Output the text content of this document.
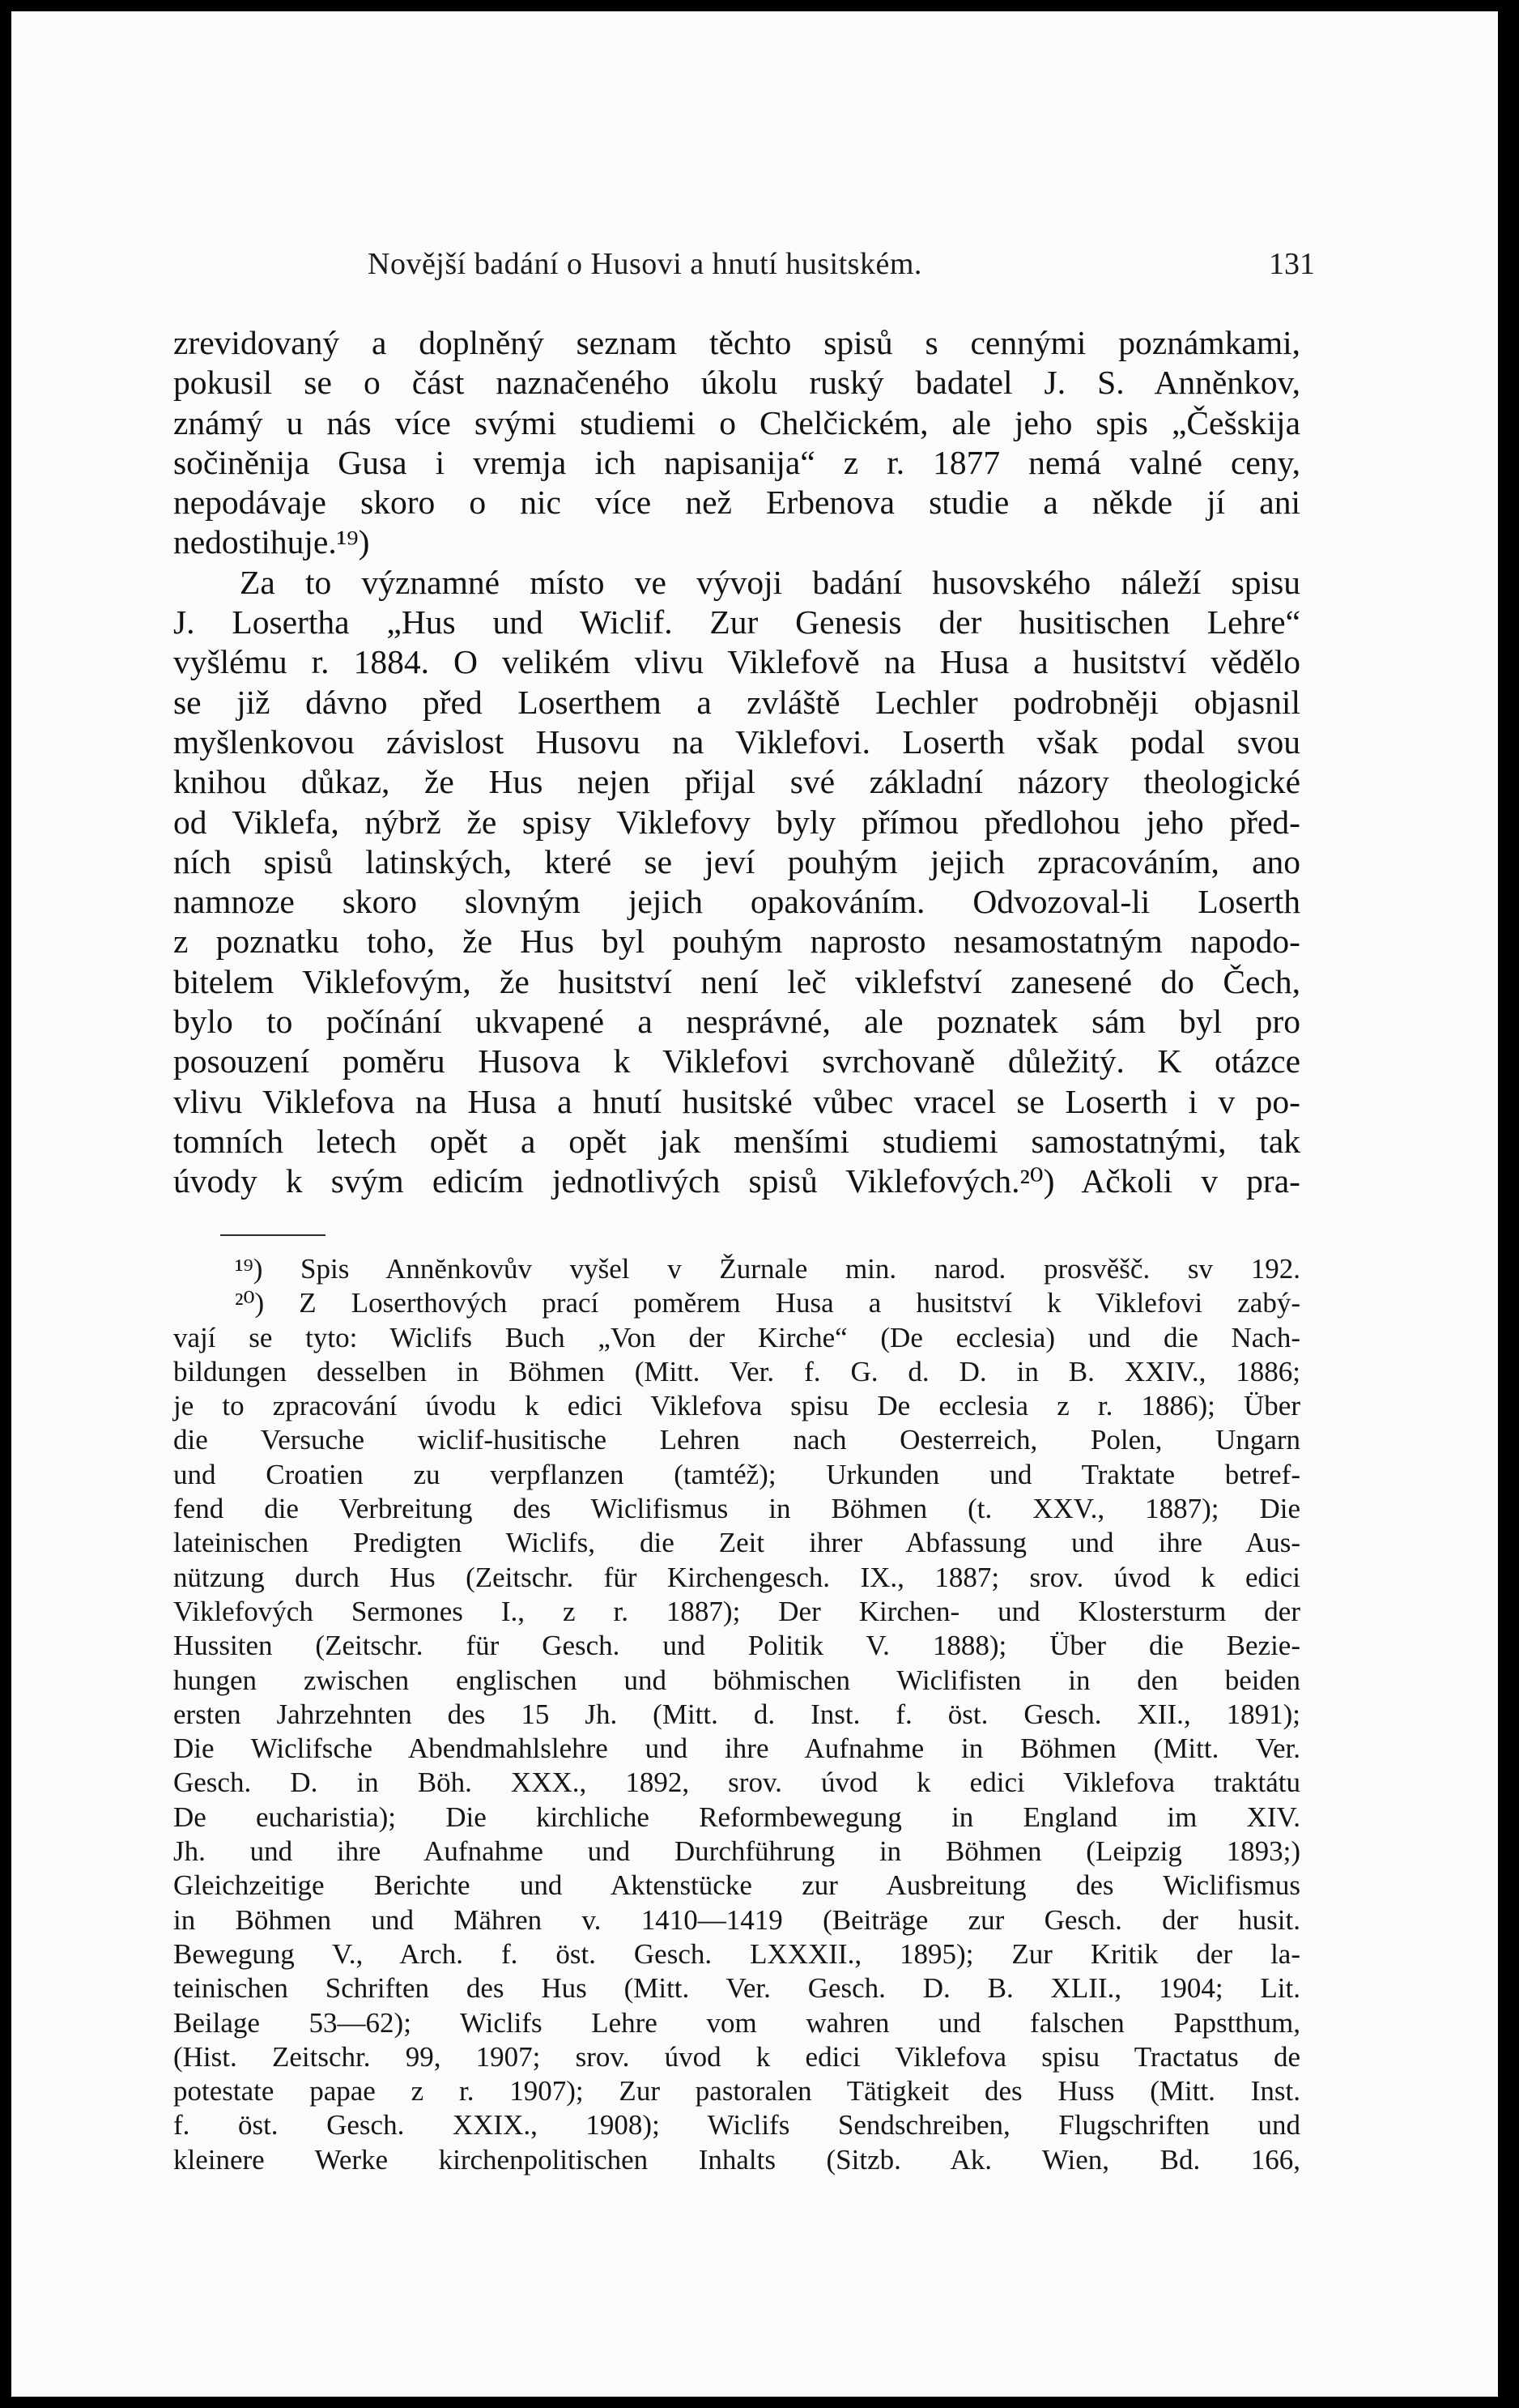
Novější badání o Husovi a hnutí husitském.	131
zrevidovaný a doplněný seznam těchto spisů s cennými poznámkami,
pokusil se o část naznačeného úkolu ruský badatel J. S. Anněnkov,
známý u nás více svými studiemi o Chelčickém, ale jeho spis „Češskija
sočiněnija Gusa i vremja ich napisanija“ z r. 1877 nemá valné ceny,
nepodávaje skoro o nic více než Erbenova studie a někde jí ani
nedostihuje.¹⁹)
Za to významné místo ve vývoji badání husovského náleží spisu
J. Losertha „Hus und Wiclif. Zur Genesis der husitischen Lehre“
vyšlému r. 1884. O velikém vlivu Viklefově na Husa a husitství vědělo
se již dávno před Loserthem a zvláště Lechler podrobněji objasnil
myšlenkovou závislost Husovu na Viklefovi. Loserth však podal svou
knihou důkaz, že Hus nejen přijal své základní názory theologické
od Viklefa, nýbrž že spisy Viklefovy byly přímou předlohou jeho před-
ních spisů latinských, které se jeví pouhým jejich zpracováním, ano
namnoze skoro slovným jejich opakováním. Odvozoval-li Loserth
z poznatku toho, že Hus byl pouhým naprosto nesamostatným napodo-
bitelem Viklefovým, že husitství není leč viklefství zanesené do Čech,
bylo to počínání ukvapené a nesprávné, ale poznatek sám byl pro
posouzení poměru Husova k Viklefovi svrchovaně důležitý. K otázce
vlivu Viklefova na Husa a hnutí husitské vůbec vracel se Loserth i v po-
tomních letech opět a opět jak menšími studiemi samostatnými, tak
úvody k svým edicím jednotlivých spisů Viklefových.²⁰) Ačkoli v pra-
¹⁹) Spis Annĕnkovův vyšel v Žurnale min. narod. prosvěšč. sv 192.
²⁰) Z Loserthových prací poměrem Husa a husitství k Viklefovi zabý-
vají se tyto: Wiclifs Buch „Von der Kirche“ (De ecclesia) und die Nach-
bildungen desselben in Böhmen (Mitt. Ver. f. G. d. D. in B. XXIV., 1886;
je to zpracování úvodu k edici Viklefova spisu De ecclesia z r. 1886); Über
die Versuche wiclif-husitische Lehren nach Oesterreich, Polen, Ungarn
und Croatien zu verpflanzen (tamtéž); Urkunden und Traktate betref-
fend die Verbreitung des Wiclifismus in Böhmen (t. XXV., 1887); Die
lateinischen Predigten Wiclifs, die Zeit ihrer Abfassung und ihre Aus-
nützung durch Hus (Zeitschr. für Kirchengesch. IX., 1887; srov. úvod k edici
Viklefových Sermones I., z r. 1887); Der Kirchen- und Klostersturm der
Hussiten (Zeitschr. für Gesch. und Politik V. 1888); Über die Bezie-
hungen zwischen englischen und böhmischen Wiclifisten in den beiden
ersten Jahrzehnten des 15 Jh. (Mitt. d. Inst. f. öst. Gesch. XII., 1891);
Die Wiclifsche Abendmahlslehre und ihre Aufnahme in Böhmen (Mitt. Ver.
Gesch. D. in Böh. XXX., 1892, srov. úvod k edici Viklefova traktátu
De eucharistia); Die kirchliche Reformbewegung in England im XIV.
Jh. und ihre Aufnahme und Durchführung in Böhmen (Leipzig 1893;)
Gleichzeitige Berichte und Aktenstücke zur Ausbreitung des Wiclifismus
in Böhmen und Mähren v. 1410—1419 (Beiträge zur Gesch. der husit.
Bewegung V., Arch. f. öst. Gesch. LXXXII., 1895); Zur Kritik der la-
teinischen Schriften des Hus (Mitt. Ver. Gesch. D. B. XLII., 1904; Lit.
Beilage 53—62); Wiclifs Lehre vom wahren und falschen Papstthum,
(Hist. Zeitschr. 99, 1907; srov. úvod k edici Viklefova spisu Tractatus de
potestate papae z r. 1907); Zur pastoralen Tätigkeit des Huss (Mitt. Inst.
f. öst. Gesch. XXIX., 1908); Wiclifs Sendschreiben, Flugschriften und
kleinere Werke kirchenpolitischen Inhalts (Sitzb. Ak. Wien, Bd. 166,
